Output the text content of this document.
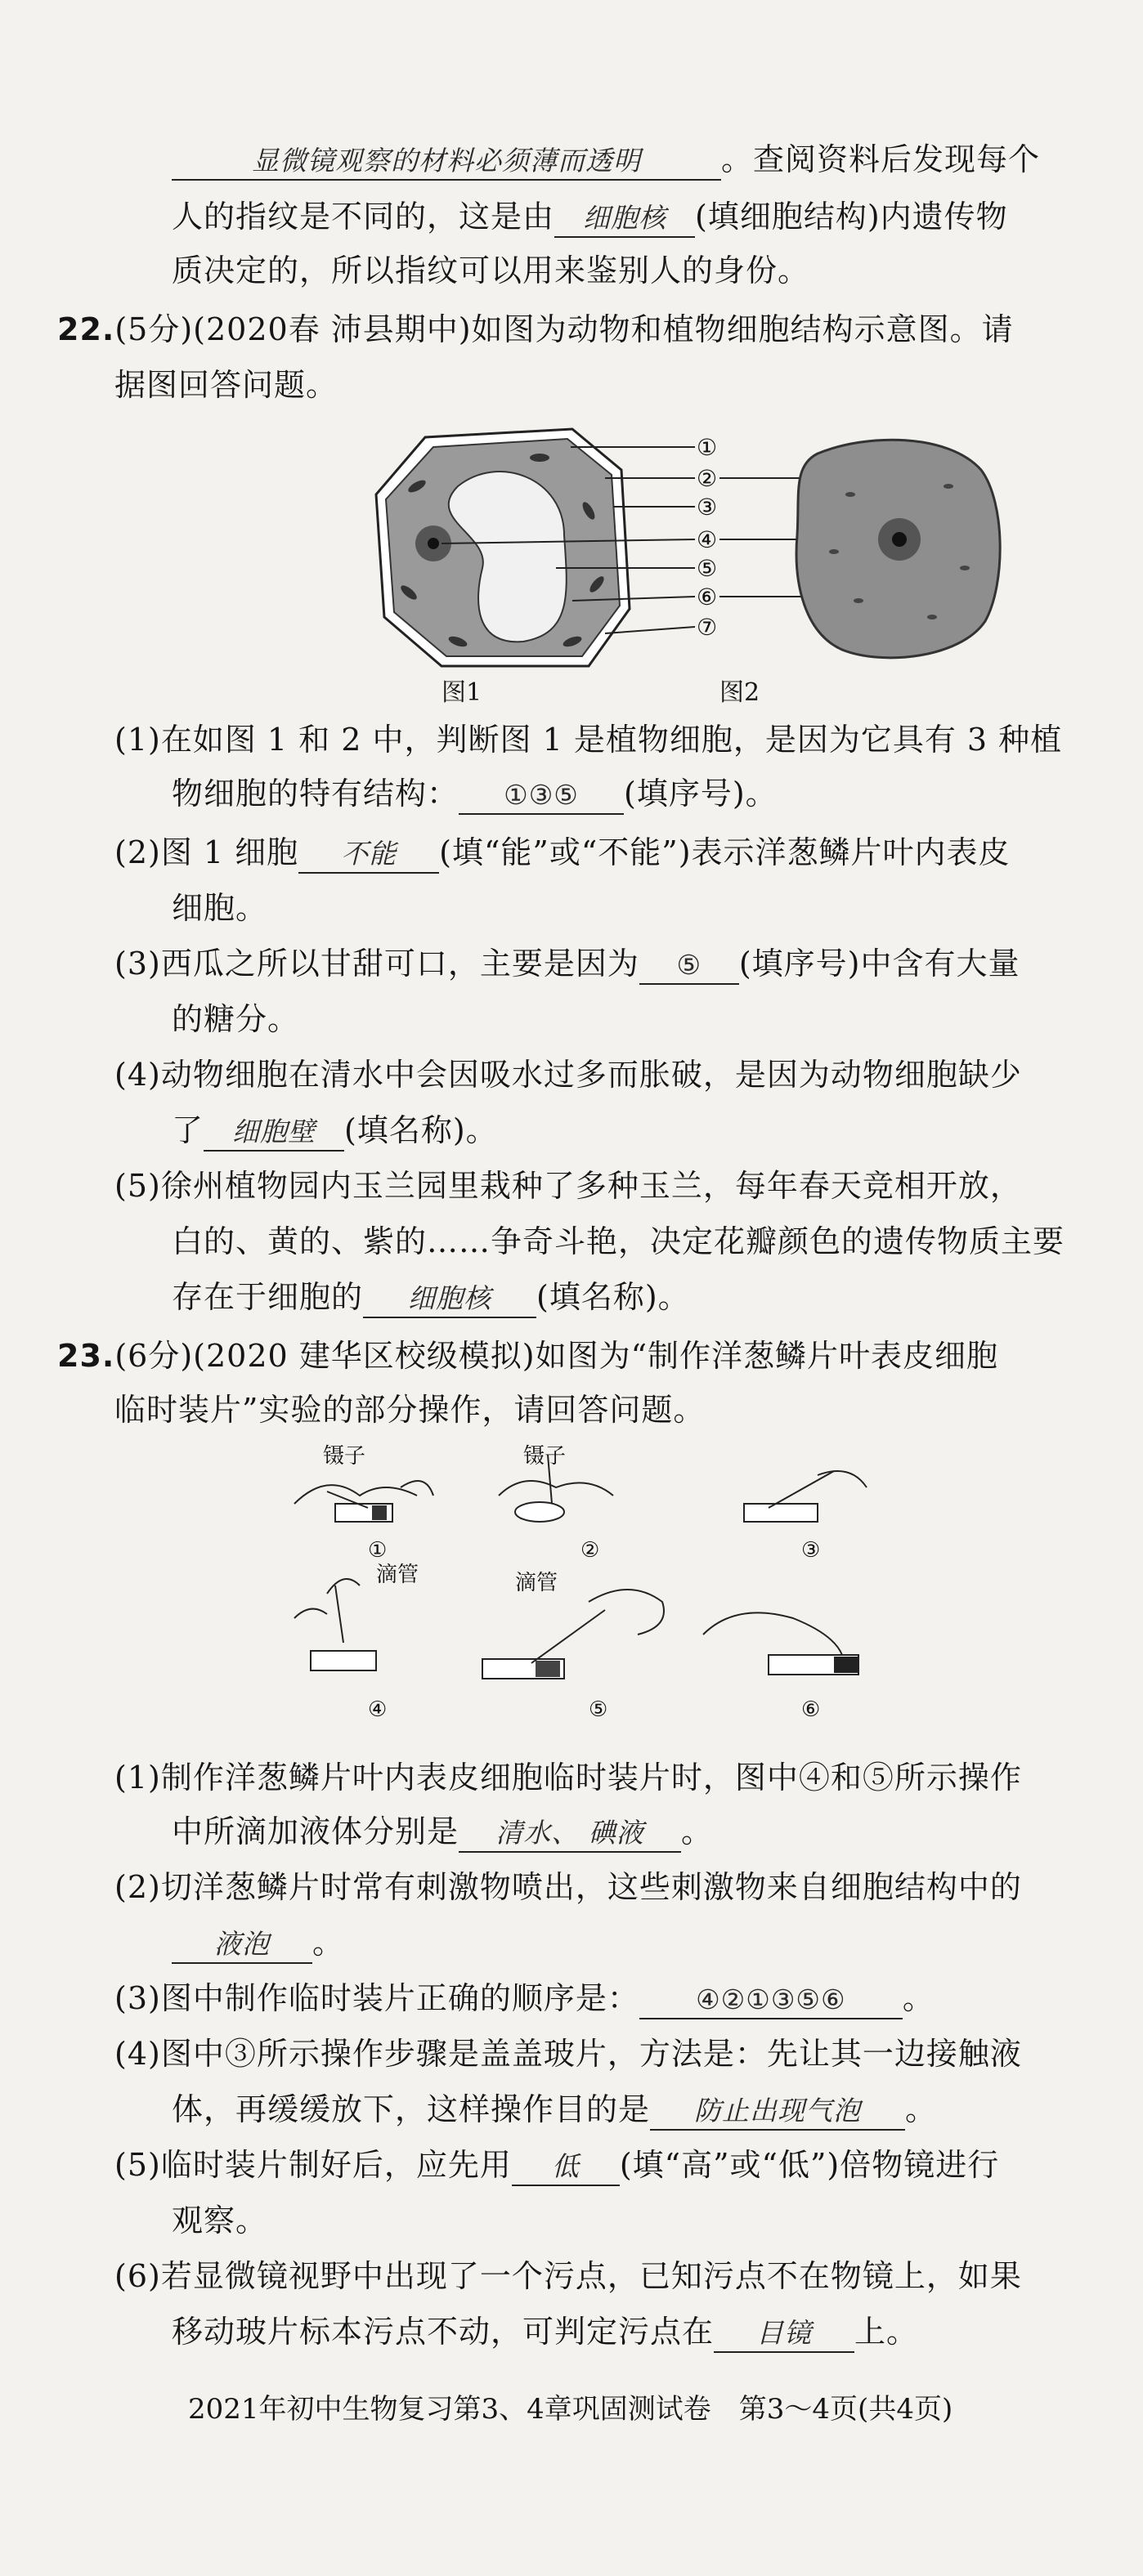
显微镜观察的材料必须薄而透明	。查阅资料后发现每个
人的指纹是不同的，这是由 细胞核 (填细胞结构)内遗传物
质决定的，所以指纹可以用来鉴别人的身份。
22.(5分)(2020春 沛县期中)如图为动物和植物细胞结构示意图。请
据图回答问题。
①
②
③
④
⑤
⑥
⑦
图1	图2
(1)在如图 1 和 2 中，判断图 1 是植物细胞，是因为它具有 3 种植
物细胞的特有结构： ①③⑤ (填序号)。
(2)图 1 细胞 不能 (填“能”或“不能”)表示洋葱鳞片叶内表皮
细胞。
(3)西瓜之所以甘甜可口，主要是因为 ⑤ (填序号)中含有大量
的糖分。
(4)动物细胞在清水中会因吸水过多而胀破，是因为动物细胞缺少
了 细胞壁 (填名称)。
(5)徐州植物园内玉兰园里栽种了多种玉兰，每年春天竞相开放，
白的、黄的、紫的……争奇斗艳，决定花瓣颜色的遗传物质主要
存在于细胞的 细胞核 (填名称)。
23.(6分)(2020 建华区校级模拟)如图为“制作洋葱鳞片叶表皮细胞
临时装片”实验的部分操作，请回答问题。
镊子	镊子
滴管	滴管
①	②	③
④	⑤	⑥
(1)制作洋葱鳞片叶内表皮细胞临时装片时，图中④和⑤所示操作
中所滴加液体分别是 清水、 碘液 。
(2)切洋葱鳞片时常有刺激物喷出，这些刺激物来自细胞结构中的
液泡 。
(3)图中制作临时装片正确的顺序是： ④②①③⑤⑥ 。
(4)图中③所示操作步骤是盖盖玻片，方法是：先让其一边接触液
体，再缓缓放下，这样操作目的是 防止出现气泡 。
(5)临时装片制好后，应先用 低 (填“高”或“低”)倍物镜进行
观察。
(6)若显微镜视野中出现了一个污点，已知污点不在物镜上，如果
移动玻片标本污点不动，可判定污点在 目镜 上。
2021年初中生物复习第3、4章巩固测试卷　第3～4页(共4页)
